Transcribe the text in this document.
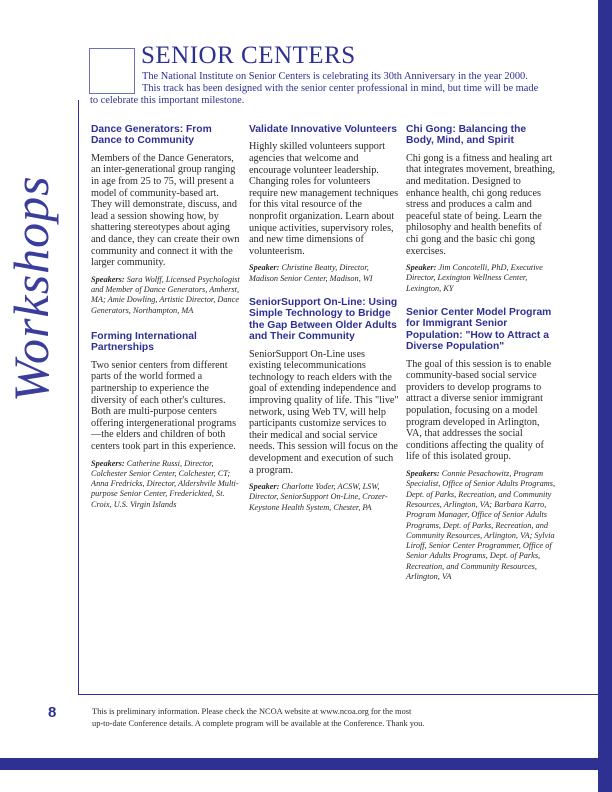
Workshops
NISC
SENIOR CENTERS
The National Institute on Senior Centers is celebrating its 30th Anniversary in the year 2000.
This track has been designed with the senior center professional in mind, but time will be made
to celebrate this important milestone.
Dance Generators: From Dance to Community
Members of the Dance Generators, an inter-generational group ranging in age from 25 to 75, will present a model of community-based art. They will demonstrate, discuss, and lead a session showing how, by shattering stereotypes about aging and dance, they can create their own community and connect it with the larger community.
Speakers: Sara Wolff, Licensed Psychologist and Member of Dance Generators, Amherst, MA; Amie Dowling, Artistic Director, Dance Generators, Northampton, MA
Forming International Partnerships
Two senior centers from different parts of the world formed a partnership to experience the diversity of each other's cultures. Both are multi-purpose centers offering intergenerational programs—the elders and children of both centers took part in this experience.
Speakers: Catherine Russi, Director, Colchester Senior Center, Colchester, CT; Anna Fredricks, Director, Aldershvile Multi-purpose Senior Center, Frederickted, St. Croix, U.S. Virgin Islands
Validate Innovative Volunteers
Highly skilled volunteers support agencies that welcome and encourage volunteer leadership. Changing roles for volunteers require new management techniques for this vital resource of the nonprofit organization. Learn about unique activities, supervisory roles, and new time dimensions of volunteerism.
Speaker: Christine Beatty, Director, Madison Senior Center, Madison, WI
SeniorSupport On-Line: Using Simple Technology to Bridge the Gap Between Older Adults and Their Community
SeniorSupport On-Line uses existing telecommunications technology to reach elders with the goal of extending independence and improving quality of life. This "live" network, using Web TV, will help participants customize services to their medical and social service needs. This session will focus on the development and execution of such a program.
Speaker: Charlotte Yoder, ACSW, LSW, Director, SeniorSupport On-Line, Crozer-Keystone Health System, Chester, PA
Chi Gong: Balancing the Body, Mind, and Spirit
Chi gong is a fitness and healing art that integrates movement, breathing, and meditation. Designed to enhance health, chi gong reduces stress and produces a calm and peaceful state of being. Learn the philosophy and health benefits of chi gong and the basic chi gong exercises.
Speaker: Jim Concotelli, PhD, Executive Director, Lexington Wellness Center, Lexington, KY
Senior Center Model Program for Immigrant Senior Population: "How to Attract a Diverse Population"
The goal of this session is to enable community-based social service providers to develop programs to attract a diverse senior immigrant population, focusing on a model program developed in Arlington, VA, that addresses the social conditions affecting the quality of life of this isolated group.
Speakers: Connie Pesachowitz, Program Specialist, Office of Senior Adults Programs, Dept. of Parks, Recreation, and Community Resources, Arlington, VA; Barbara Karro, Program Manager, Office of Senior Adults Programs, Dept. of Parks, Recreation, and Community Resources, Arlington, VA; Sylvia Liroff, Senior Center Programmer, Office of Senior Adults Programs, Dept. of Parks, Recreation, and Community Resources, Arlington, VA
8	This is preliminary information. Please check the NCOA website at www.ncoa.org for the most
up-to-date Conference details. A complete program will be available at the Conference. Thank you.
